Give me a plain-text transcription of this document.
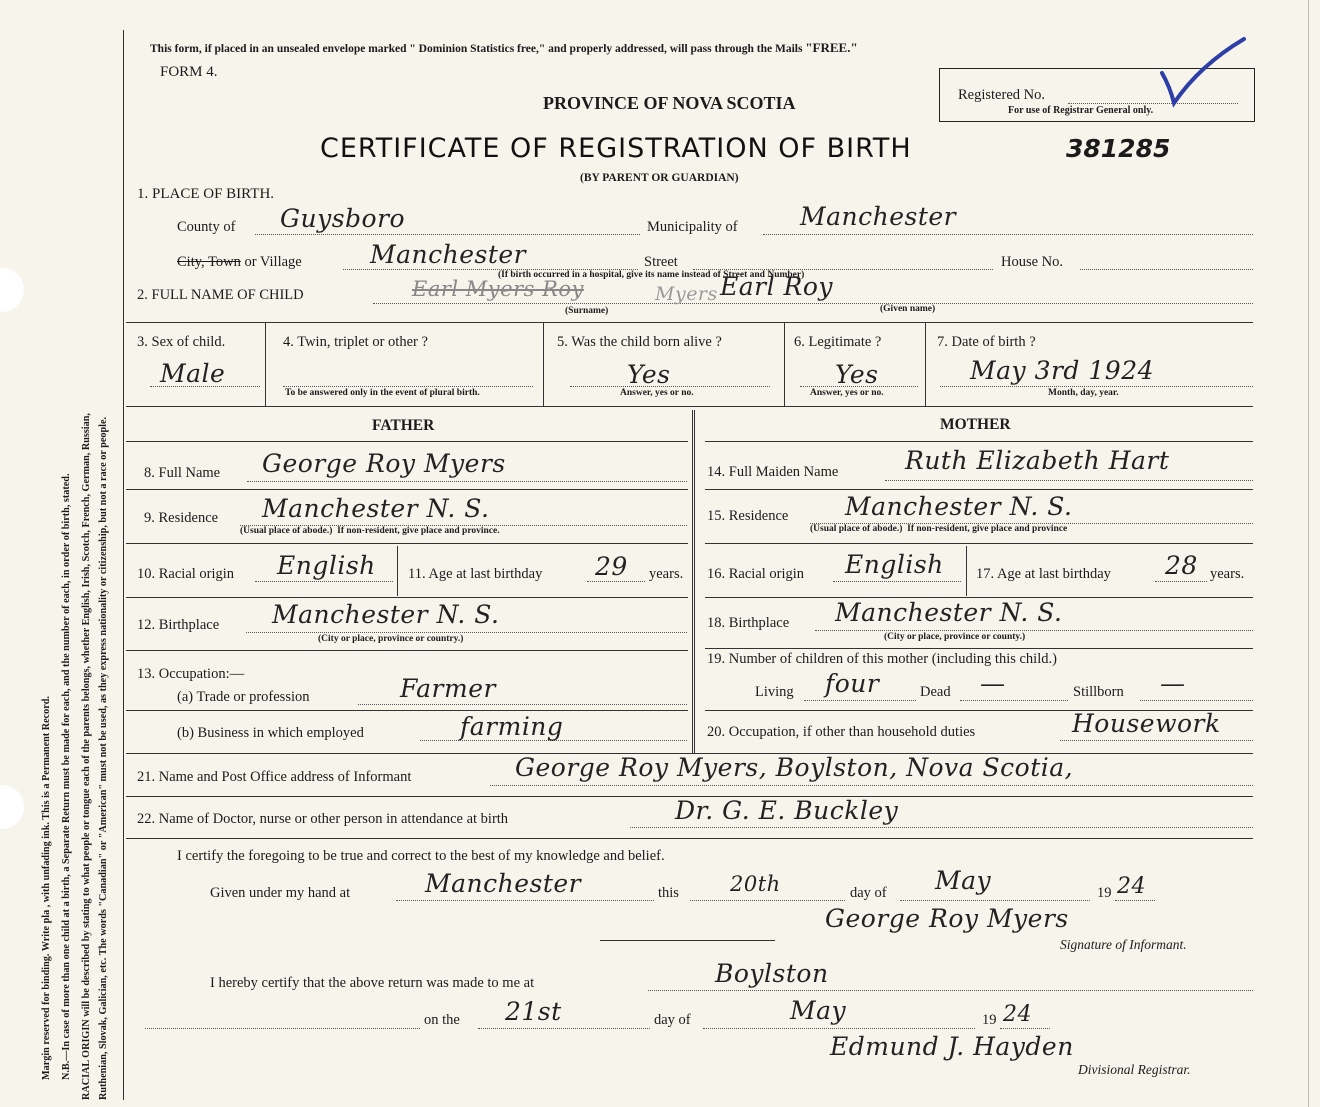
Margin reserved for binding. Write pla , with unfading ink. This is a Permanent Record. N.B.—In case of more than one child at a birth, a Separate Return must be made for each, and the number of each, in order of birth, stated. RACIAL ORIGIN will be described by stating to what people or tongue each of the parents belongs, whether English, Irish, Scotch, French, German, Russian, Ruthenian, Slovak, Galician, etc. The words "Canadian" or "American" must not be used, as they express nationality or citizenship, but not a race or people.
This form, if placed in an unsealed envelope marked " Dominion Statistics free," and properly addressed, will pass through the Mails "FREE."
FORM 4.
PROVINCE OF NOVA SCOTIA	Registered No.
For use of Registrar General only.
CERTIFICATE OF REGISTRATION OF BIRTH	381285
(BY PARENT OR GUARDIAN)
1. PLACE OF BIRTH.
County of Guysboro	Municipality of Manchester
City, Town or Village	Manchester	Street	House No.
(If birth occurred in a hospital, give its name instead of Street and Number)
2. FULL NAME OF CHILD	Earl Myers Roy	Myers Earl Roy
(Surname)	(Given name)
3. Sex of child.
Male
4. Twin, triplet or other ?
To be answered only in the event of plural birth.
5. Was the child born alive ?
Yes
Answer, yes or no.
6. Legitimate ?
Yes
Answer, yes or no.
7. Date of birth ?
May 3rd 1924
Month, day, year.
FATHER	MOTHER
8. Full Name George Roy Myers
9. Residence Manchester N. S.
(Usual place of abode.) If non-resident, give place and province.
10. Racial origin English 11. Age at last birthday 29 years.
12. Birthplace Manchester N. S.
(City or place, province or country.)
13. Occupation:—
(a) Trade or profession	Farmer
(b) Business in which employed	farming
14. Full Maiden Name	Ruth Elizabeth Hart
15. Residence Manchester N. S.
(Usual place of abode.) If non-resident, give place and province
16. Racial origin English 17. Age at last birthday 28 years.
18. Birthplace Manchester N. S.
(City or place, province or county.)
19. Number of children of this mother (including this child.)
Living four	Dead —	Stillborn —
20. Occupation, if other than household duties	Housework
21. Name and Post Office address of Informant	George Roy Myers, Boylston, Nova Scotia,
22. Name of Doctor, nurse or other person in attendance at birth	Dr. G. E. Buckley
I certify the foregoing to be true and correct to the best of my knowledge and belief.
Given under my hand at	Manchester	this 20th	day of May	19 24
George Roy Myers
Signature of Informant.
I hereby certify that the above return was made to me at	Boylston
on the 21st	day of	May	19 24
Edmund J. Hayden
Divisional Registrar.
